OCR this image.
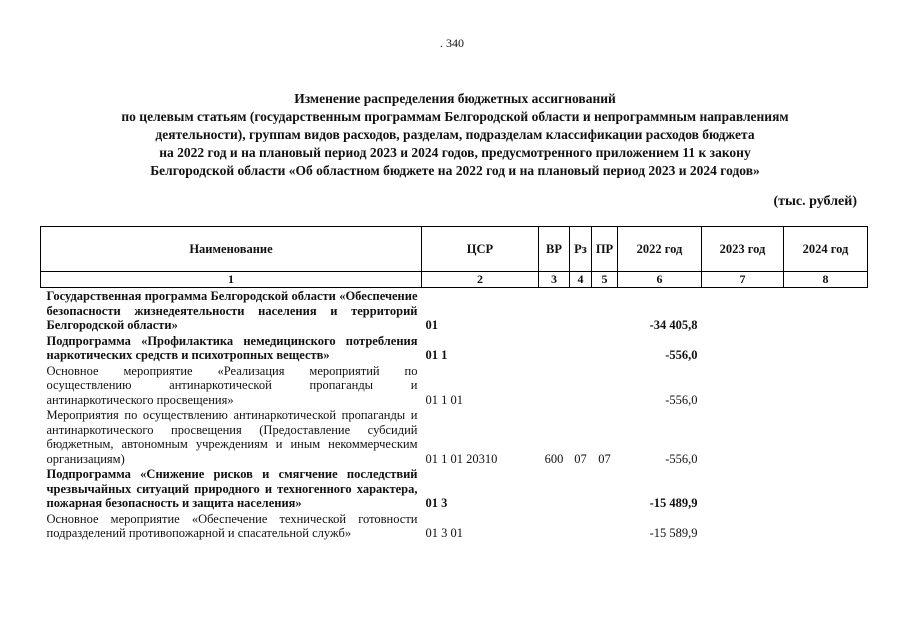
. 340
Изменение распределения бюджетных ассигнований
по целевым статьям (государственным программам Белгородской области и непрограммным направлениям
деятельности), группам видов расходов, разделам, подразделам классификации расходов бюджета
на 2022 год и на плановый период 2023 и 2024 годов, предусмотренного приложением 11 к закону
Белгородской области «Об областном бюджете на 2022 год и на плановый период 2023 и 2024 годов»
(тыс. рублей)
Наименование	ЦСР	ВР	Рз	ПР	2022 год	2023 год	2024 год
1	2	3	4	5	6	7	8
Государственная программа Белгородской области «Обеспечение безопасности жизнедеятельности населения и территорий Белгородской области»	01				-34 405,8		
Подпрограмма «Профилактика немедицинского потребления наркотических средств и психотропных веществ»	01 1				-556,0		
Основное мероприятие «Реализация мероприятий по осуществлению антинаркотической пропаганды и антинаркотического просвещения»	01 1 01				-556,0		
Мероприятия по осуществлению антинаркотической пропаганды и антинаркотического просвещения (Предоставление субсидий бюджетным, автономным учреждениям и иным некоммерческим организациям)	01 1 01 20310	600	07	07	-556,0		
Подпрограмма «Снижение рисков и смягчение последствий чрезвычайных ситуаций природного и техногенного характера, пожарная безопасность и защита населения»	01 3				-15 489,9		
Основное мероприятие «Обеспечение технической готовности подразделений противопожарной и спасательной служб»	01 3 01				-15 589,9		
